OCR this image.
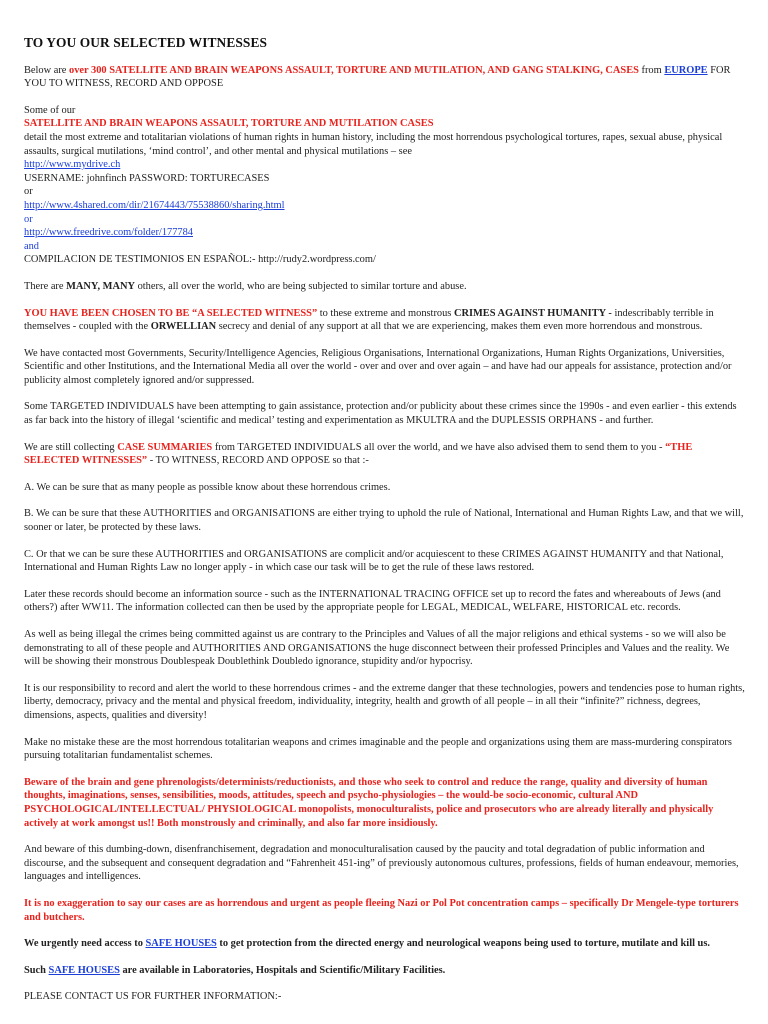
TO YOU OUR SELECTED WITNESSES

Below are over 300 SATELLITE AND BRAIN WEAPONS ASSAULT, TORTURE AND MUTILATION, AND GANG STALKING, CASES from EUROPE FOR YOU TO WITNESS, RECORD AND OPPOSE

Some of our
SATELLITE AND BRAIN WEAPONS ASSAULT, TORTURE AND MUTILATION CASES
detail the most extreme and totalitarian violations of human rights in human history, including the most horrendous psychological tortures, rapes, sexual abuse, physical assaults, surgical mutilations, ‘mind control’, and other mental and physical mutilations – see
http://www.mydrive.ch
USERNAME: johnfinch PASSWORD: TORTURECASES
or
http://www.4shared.com/dir/21674443/75538860/sharing.html
or
http://www.freedrive.com/folder/177784
and
COMPILACION DE TESTIMONIOS EN ESPAÑOL:- http://rudy2.wordpress.com/

There are MANY, MANY others, all over the world, who are being subjected to similar torture and abuse.

YOU HAVE BEEN CHOSEN TO BE “A SELECTED WITNESS” to these extreme and monstrous CRIMES AGAINST HUMANITY - indescribably terrible in themselves - coupled with the ORWELLIAN secrecy and denial of any support at all that we are experiencing, makes them even more horrendous and monstrous.

We have contacted most Governments, Security/Intelligence Agencies, Religious Organisations, International Organizations, Human Rights Organizations, Universities, Scientific and other Institutions, and the International Media all over the world - over and over and over again – and have had our appeals for assistance, protection and/or publicity almost completely ignored and/or suppressed.

Some TARGETED INDIVIDUALS have been attempting to gain assistance, protection and/or publicity about these crimes since the 1990s - and even earlier - this extends as far back into the history of illegal ‘scientific and medical’ testing and experimentation as MKULTRA and the DUPLESSIS ORPHANS - and further.

We are still collecting CASE SUMMARIES from TARGETED INDIVIDUALS all over the world, and we have also advised them to send them to you - “THE SELECTED WITNESSES” - TO WITNESS, RECORD AND OPPOSE so that :-

A. We can be sure that as many people as possible know about these horrendous crimes.

B. We can be sure that these AUTHORITIES and ORGANISATIONS are either trying to uphold the rule of National, International and Human Rights Law, and that we will, sooner or later, be protected by these laws.

C. Or that we can be sure these AUTHORITIES and ORGANISATIONS are complicit and/or acquiescent to these CRIMES AGAINST HUMANITY and that National, International and Human Rights Law no longer apply - in which case our task will be to get the rule of these laws restored.

Later these records should become an information source - such as the INTERNATIONAL TRACING OFFICE set up to record the fates and whereabouts of Jews (and others?) after WW11. The information collected can then be used by the appropriate people for LEGAL, MEDICAL, WELFARE, HISTORICAL etc. records.

As well as being illegal the crimes being committed against us are contrary to the Principles and Values of all the major religions and ethical systems - so we will also be demonstrating to all of these people and AUTHORITIES AND ORGANISATIONS the huge disconnect between their professed Principles and Values and the reality. We will be showing their monstrous Doublespeak Doublethink Doubledo ignorance, stupidity and/or hypocrisy.

It is our responsibility to record and alert the world to these horrendous crimes - and the extreme danger that these technologies, powers and tendencies pose to human rights, liberty, democracy, privacy and the mental and physical freedom, individuality, integrity, health and growth of all people – in all their “infinite?” richness, degrees, dimensions, aspects, qualities and diversity!

Make no mistake these are the most horrendous totalitarian weapons and crimes imaginable and the people and organizations using them are mass-murdering conspirators pursuing totalitarian fundamentalist schemes.

Beware of the brain and gene phrenologists/determinists/reductionists, and those who seek to control and reduce the range, quality and diversity of human thoughts, imaginations, senses, sensibilities, moods, attitudes, speech and psycho-physiologies – the would-be socio-economic, cultural AND PSYCHOLOGICAL/INTELLECTUAL/ PHYSIOLOGICAL monopolists, monoculturalists, police and prosecutors who are already literally and physically actively at work amongst us!! Both monstrously and criminally, and also far more insidiously.

And beware of this dumbing-down, disenfranchisement, degradation and monoculturalisation caused by the paucity and total degradation of public information and discourse, and the subsequent and consequent degradation and “Fahrenheit 451-ing” of previously autonomous cultures, professions, fields of human endeavour, memories, languages and intelligences.

It is no exaggeration to say our cases are as horrendous and urgent as people fleeing Nazi or Pol Pot concentration camps – specifically Dr Mengele-type torturers and butchers.

We urgently need access to SAFE HOUSES to get protection from the directed energy and neurological weapons being used to torture, mutilate and kill us.

Such SAFE HOUSES are available in Laboratories, Hospitals and Scientific/Military Facilities.

PLEASE CONTACT US FOR FURTHER INFORMATION:-
